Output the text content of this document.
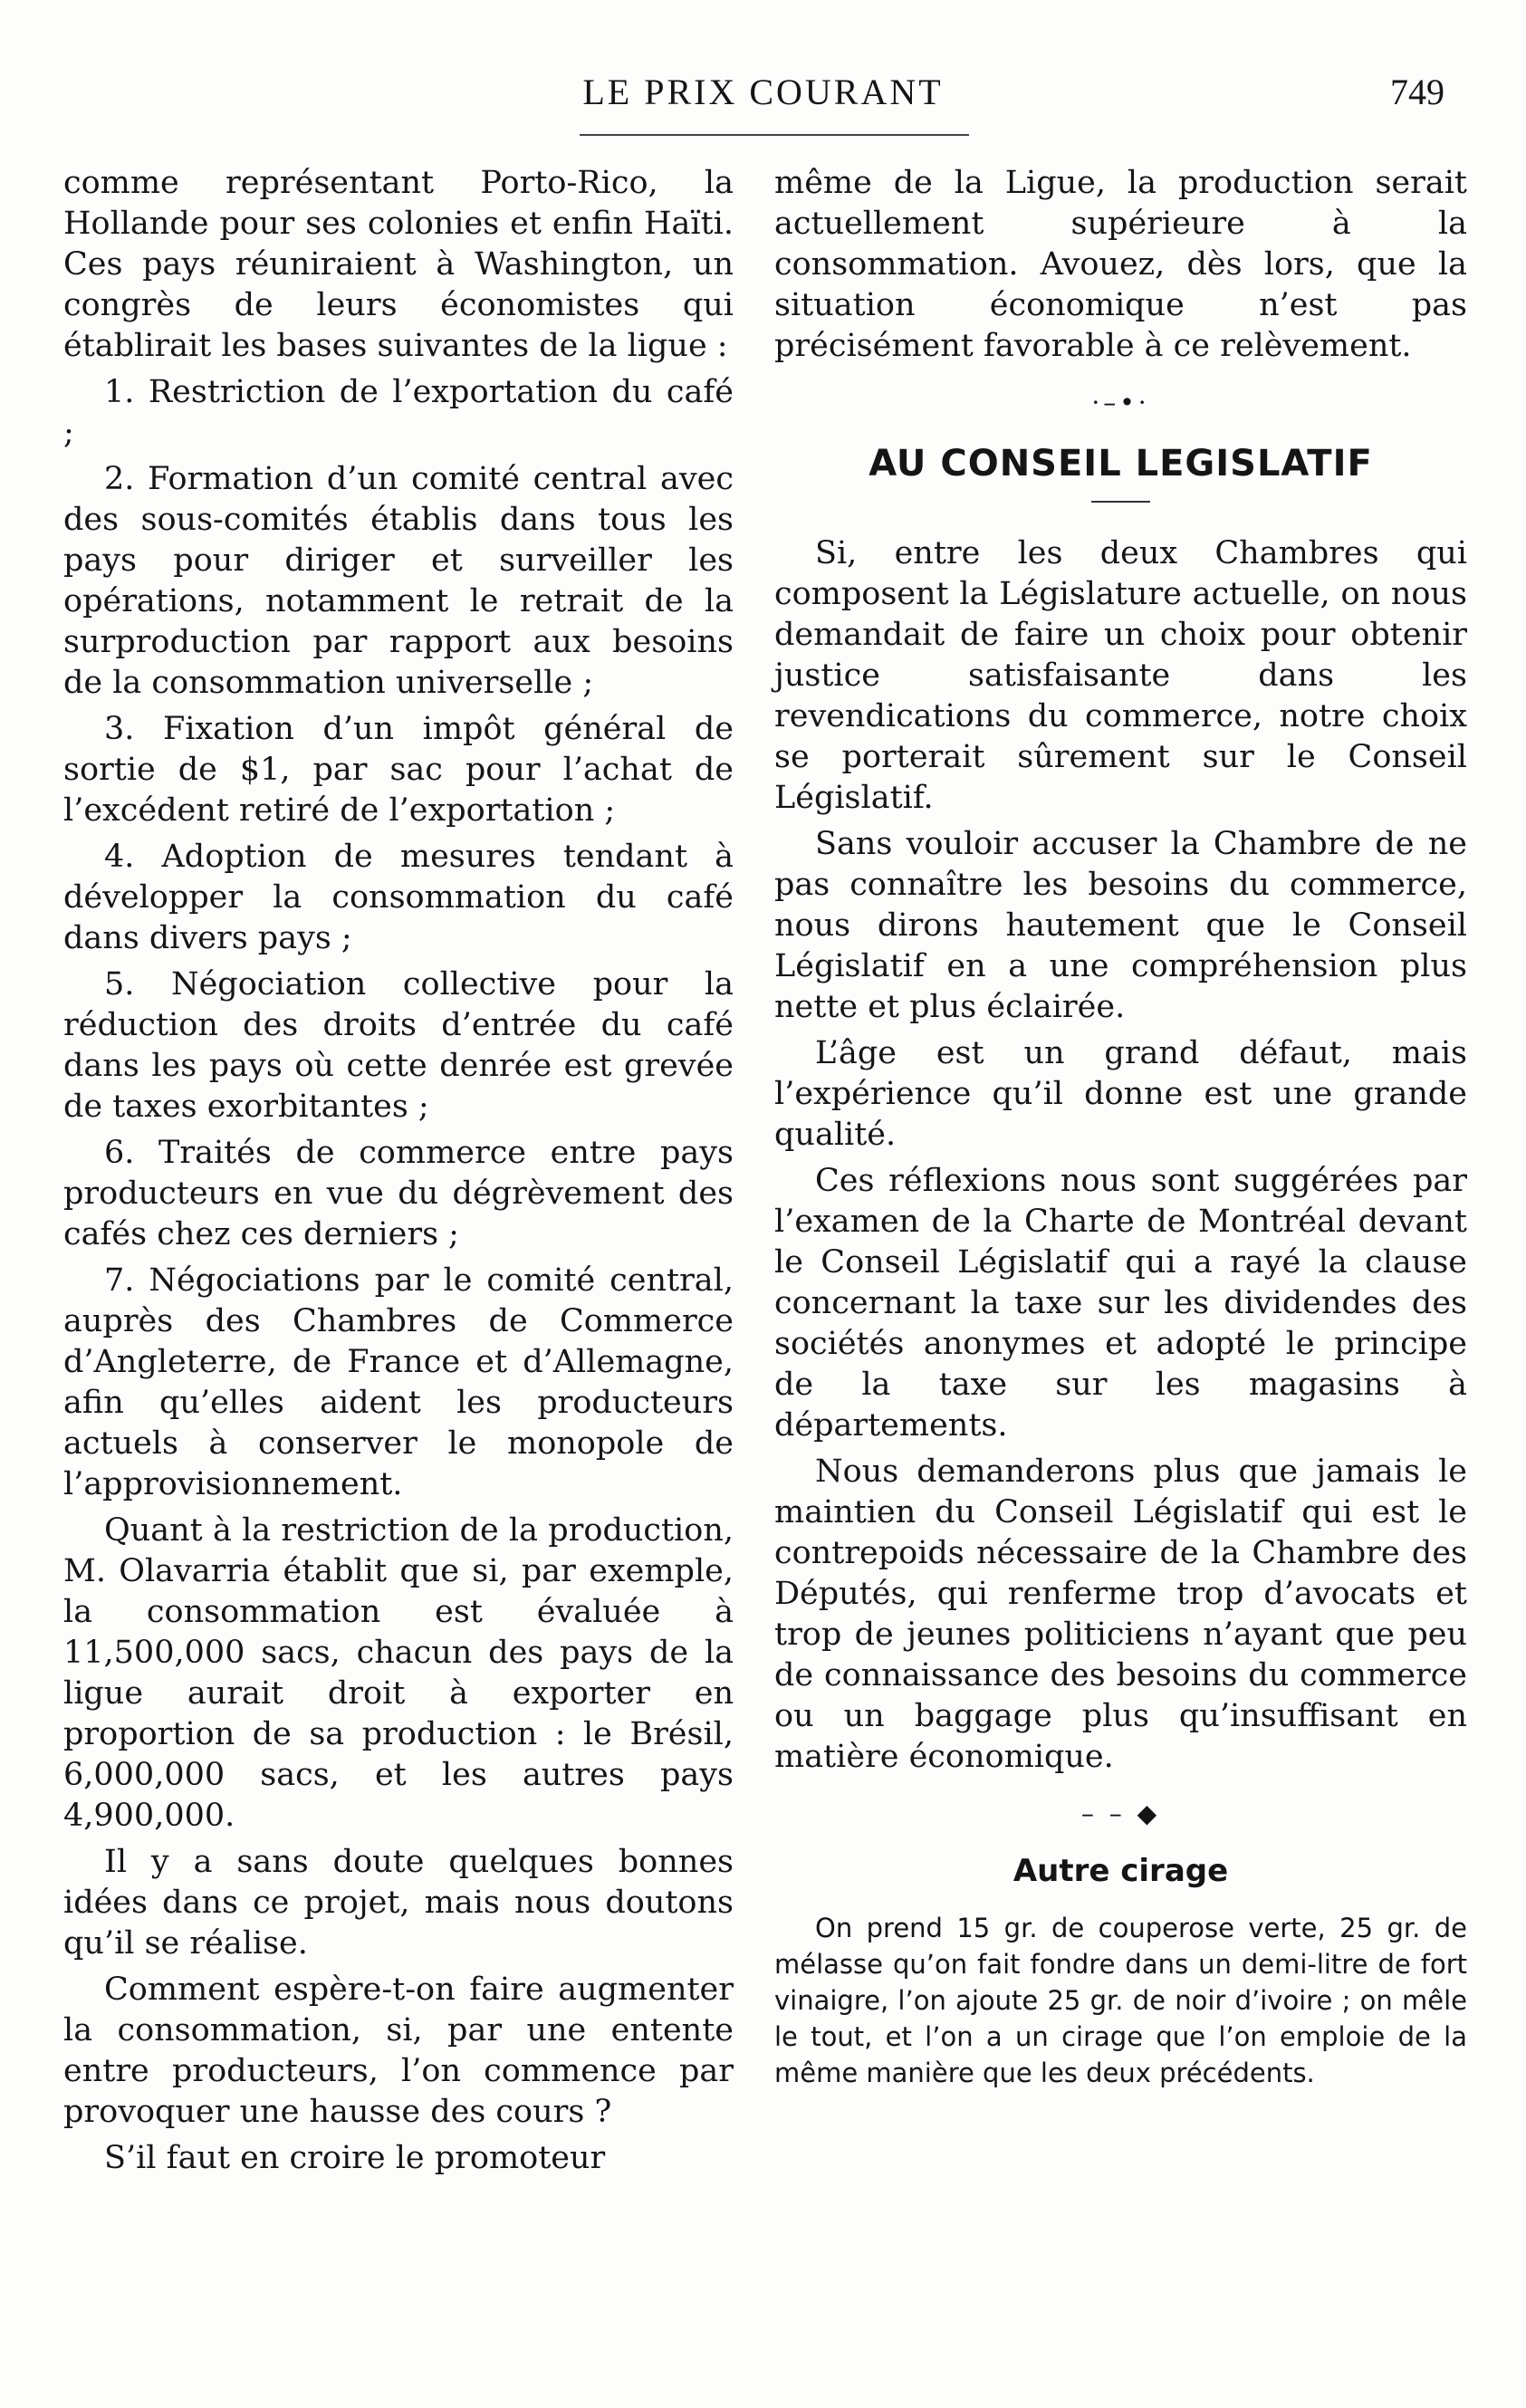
LE PRIX COURANT	749

comme représentant Porto-Rico, la Hollande pour ses colonies et enfin Haïti. Ces pays réuniraient à Washington, un congrès de leurs économistes qui établirait les bases suivantes de la ligue :

1. Restriction de l’exportation du café ;

2. Formation d’un comité central avec des sous-comités établis dans tous les pays pour diriger et surveiller les opérations, notamment le retrait de la surproduction par rapport aux besoins de la consommation universelle ;

3. Fixation d’un impôt général de sortie de $1, par sac pour l’achat de l’excédent retiré de l’exportation ;

4. Adoption de mesures tendant à développer la consommation du café dans divers pays ;

5. Négociation collective pour la réduction des droits d’entrée du café dans les pays où cette denrée est grevée de taxes exorbitantes ;

6. Traités de commerce entre pays producteurs en vue du dégrèvement des cafés chez ces derniers ;

7. Négociations par le comité central, auprès des Chambres de Commerce d’Angleterre, de France et d’Allemagne, afin qu’elles aident les producteurs actuels à conserver le monopole de l’approvisionnement.

Quant à la restriction de la production, M. Olavarria établit que si, par exemple, la consommation est évaluée à 11,500,000 sacs, chacun des pays de la ligue aurait droit à exporter en proportion de sa production : le Brésil, 6,000,000 sacs, et les autres pays 4,900,000.

Il y a sans doute quelques bonnes idées dans ce projet, mais nous doutons qu’il se réalise.

Comment espère-t-on faire augmenter la consommation, si, par une entente entre producteurs, l’on commence par provoquer une hausse des cours ?

S’il faut en croire le promoteur

même de la Ligue, la production serait actuellement supérieure à la consommation. Avouez, dès lors, que la situation économique n’est pas précisément favorable à ce relèvement.

·–•·
AU CONSEIL LEGISLATIF

Si, entre les deux Chambres qui composent la Législature actuelle, on nous demandait de faire un choix pour obtenir justice satisfaisante dans les revendications du commerce, notre choix se porterait sûrement sur le Conseil Législatif.

Sans vouloir accuser la Chambre de ne pas connaître les besoins du commerce, nous dirons hautement que le Conseil Législatif en a une compréhension plus nette et plus éclairée.

L’âge est un grand défaut, mais l’expérience qu’il donne est une grande qualité.

Ces réflexions nous sont suggérées par l’examen de la Charte de Montréal devant le Conseil Législatif qui a rayé la clause concernant la taxe sur les dividendes des sociétés anonymes et adopté le principe de la taxe sur les magasins à départements.

Nous demanderons plus que jamais le maintien du Conseil Législatif qui est le contrepoids nécessaire de la Chambre des Députés, qui renferme trop d’avocats et trop de jeunes politiciens n’ayant que peu de connaissance des besoins du commerce ou un baggage plus qu’insuffisant en matière économique.

– – ◆
Autre cirage

On prend 15 gr. de couperose verte, 25 gr. de mélasse qu’on fait fondre dans un demi-litre de fort vinaigre, l’on ajoute 25 gr. de noir d’ivoire ; on mêle le tout, et l’on a un cirage que l’on emploie de la même manière que les deux précédents.
